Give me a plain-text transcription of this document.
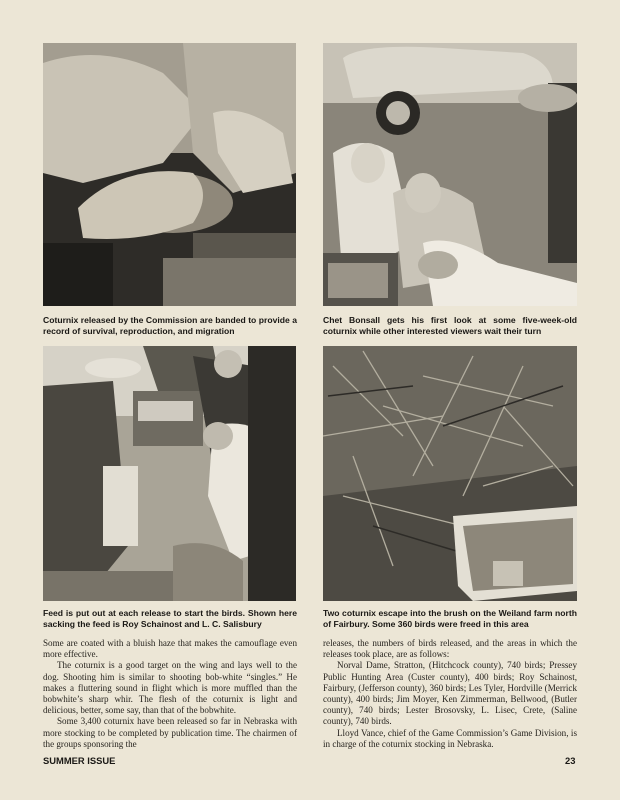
Coturnix released by the Commission are banded to provide a record of survival, reproduction, and migration
Chet Bonsall gets his first look at some five-week-old coturnix while other interested viewers wait their turn
Feed is put out at each release to start the birds. Shown here sacking the feed is Roy Schainost and L. C. Salisbury
Two coturnix escape into the brush on the Weiland farm north of Fairbury. Some 360 birds were freed in this area

Some are coated with a bluish haze that makes the camouflage even more effective.

The coturnix is a good target on the wing and lays well to the dog. Shooting him is similar to shooting bob-white “singles.” He makes a fluttering sound in flight which is more muffled than the bobwhite’s sharp whir. The flesh of the coturnix is light and delicious, better, some say, than that of the bobwhite.

Some 3,400 coturnix have been released so far in Nebraska with more stocking to be completed by publication time. The chairmen of the groups sponsoring the

releases, the numbers of birds released, and the areas in which the releases took place, are as follows:

Norval Dame, Stratton, (Hitchcock county), 740 birds; Pressey Public Hunting Area (Custer county), 400 birds; Roy Schainost, Fairbury, (Jefferson county), 360 birds; Les Tyler, Hordville (Merrick county), 400 birds; Jim Moyer, Ken Zimmerman, Bellwood, (Butler county), 740 birds; Lester Brosovsky, L. Lisec, Crete, (Saline county), 740 birds.

Lloyd Vance, chief of the Game Commission’s Game Division, is in charge of the coturnix stocking in Nebraska.

SUMMER ISSUE	23
